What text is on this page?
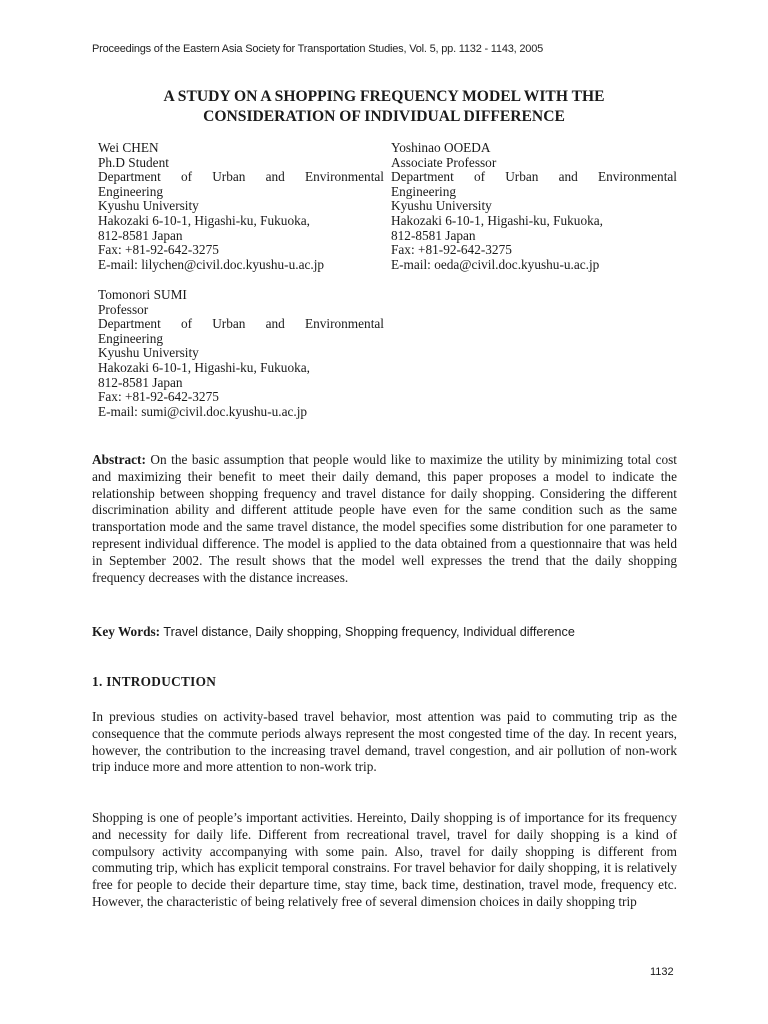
Proceedings of the Eastern Asia Society for Transportation Studies, Vol. 5, pp. 1132 - 1143, 2005
A STUDY ON A SHOPPING FREQUENCY MODEL WITH THE
CONSIDERATION OF INDIVIDUAL DIFFERENCE
Wei CHEN
Ph.D Student
Department of Urban and Environmental
Engineering
Kyushu University
Hakozaki 6-10-1, Higashi-ku, Fukuoka,
812-8581 Japan
Fax: +81-92-642-3275
E-mail: lilychen@civil.doc.kyushu-u.ac.jp
Yoshinao OOEDA
Associate Professor
Department of Urban and Environmental
Engineering
Kyushu University
Hakozaki 6-10-1, Higashi-ku, Fukuoka,
812-8581 Japan
Fax: +81-92-642-3275
E-mail: oeda@civil.doc.kyushu-u.ac.jp
Tomonori SUMI
Professor
Department of Urban and Environmental
Engineering
Kyushu University
Hakozaki 6-10-1, Higashi-ku, Fukuoka,
812-8581 Japan
Fax: +81-92-642-3275
E-mail: sumi@civil.doc.kyushu-u.ac.jp
Abstract: On the basic assumption that people would like to maximize the utility by minimizing total cost and maximizing their benefit to meet their daily demand, this paper proposes a model to indicate the relationship between shopping frequency and travel distance for daily shopping. Considering the different discrimination ability and different attitude people have even for the same condition such as the same transportation mode and the same travel distance, the model specifies some distribution for one parameter to represent individual difference. The model is applied to the data obtained from a questionnaire that was held in September 2002. The result shows that the model well expresses the trend that the daily shopping frequency decreases with the distance increases.
Key Words: Travel distance, Daily shopping, Shopping frequency, Individual difference
1. INTRODUCTION
In previous studies on activity-based travel behavior, most attention was paid to commuting trip as the consequence that the commute periods always represent the most congested time of the day. In recent years, however, the contribution to the increasing travel demand, travel congestion, and air pollution of non-work trip induce more and more attention to non-work trip.
Shopping is one of people’s important activities. Hereinto, Daily shopping is of importance for its frequency and necessity for daily life. Different from recreational travel, travel for daily shopping is a kind of compulsory activity accompanying with some pain. Also, travel for daily shopping is different from commuting trip, which has explicit temporal constrains. For travel behavior for daily shopping, it is relatively free for people to decide their departure time, stay time, back time, destination, travel mode, frequency etc. However, the characteristic of being relatively free of several dimension choices in daily shopping trip
1132
